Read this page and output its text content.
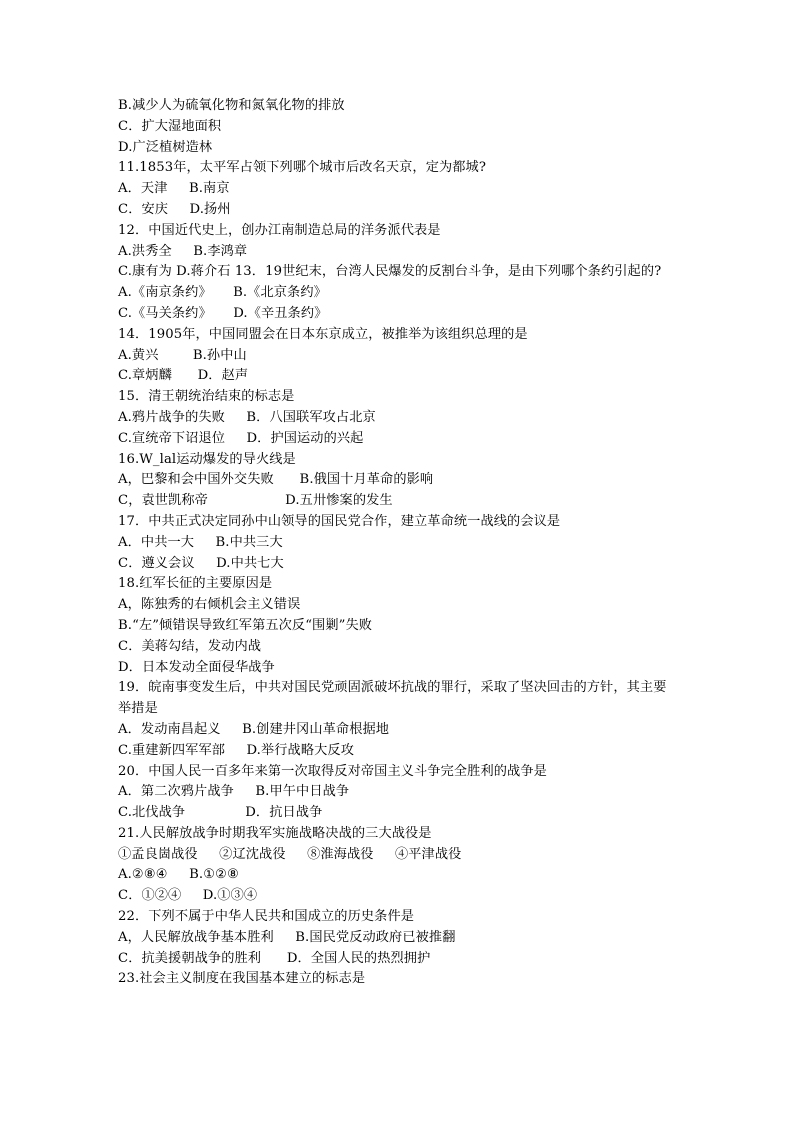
B.减少人为硫氧化物和氮氧化物的排放
C．扩大湿地面积
D.广泛植树造林
11.1853年，太平军占领下列哪个城市后改名天京，定为都城?
A．天津     B.南京
C．安庆     D.扬州
12．中国近代史上，创办江南制造总局的洋务派代表是
A.洪秀全     B.李鸿章
C.康有为 D.蒋介石 13．19世纪末，台湾人民爆发的反割台斗争，是由下列哪个条约引起的?
A.《南京条约》     B.《北京条约》
C.《马关条约》     D.《辛丑条约》
14．1905年，中国同盟会在日本东京成立，被推举为该组织总理的是
A.黄兴        B.孙中山
C.章炳麟      D．赵声
15．清王朝统治结束的标志是
A.鸦片战争的失败     B．八国联军攻占北京
C.宣统帝下诏退位     D．护国运动的兴起
16.W_lal运动爆发的导火线是
A，巴黎和会中国外交失败      B.俄国十月革命的影响
C，袁世凯称帝                  D.五卅惨案的发生
17．中共正式决定同孙中山领导的国民党合作，建立革命统一战线的会议是
A．中共一大     B.中共三大
C．遵义会议     D.中共七大
18.红军长征的主要原因是
A，陈独秀的右倾机会主义错误
B.“左”倾错误导致红军第五次反“围剿”失败
C．美蒋勾结，发动内战
D．日本发动全面侵华战争
19．皖南事变发生后，中共对国民党顽固派破坏抗战的罪行，采取了坚决回击的方针，其主要举措是
A．发动南昌起义     B.创建井冈山革命根据地
C.重建新四军军部     D.举行战略大反攻
20．中国人民一百多年来第一次取得反对帝国主义斗争完全胜利的战争是
A．第二次鸦片战争     B.甲午中日战争
C.北伐战争              D．抗日战争
21.人民解放战争时期我军实施战略决战的三大战役是
①孟良崮战役     ②辽沈战役     ⑧淮海战役     ④平津战役
A.②⑧④     B.①②⑧
C．①②④     D.①③④
22．下列不属于中华人民共和国成立的历史条件是
A，人民解放战争基本胜利     B.国民党反动政府已被推翻
C．抗美援朝战争的胜利      D．全国人民的热烈拥护
23.社会主义制度在我国基本建立的标志是
